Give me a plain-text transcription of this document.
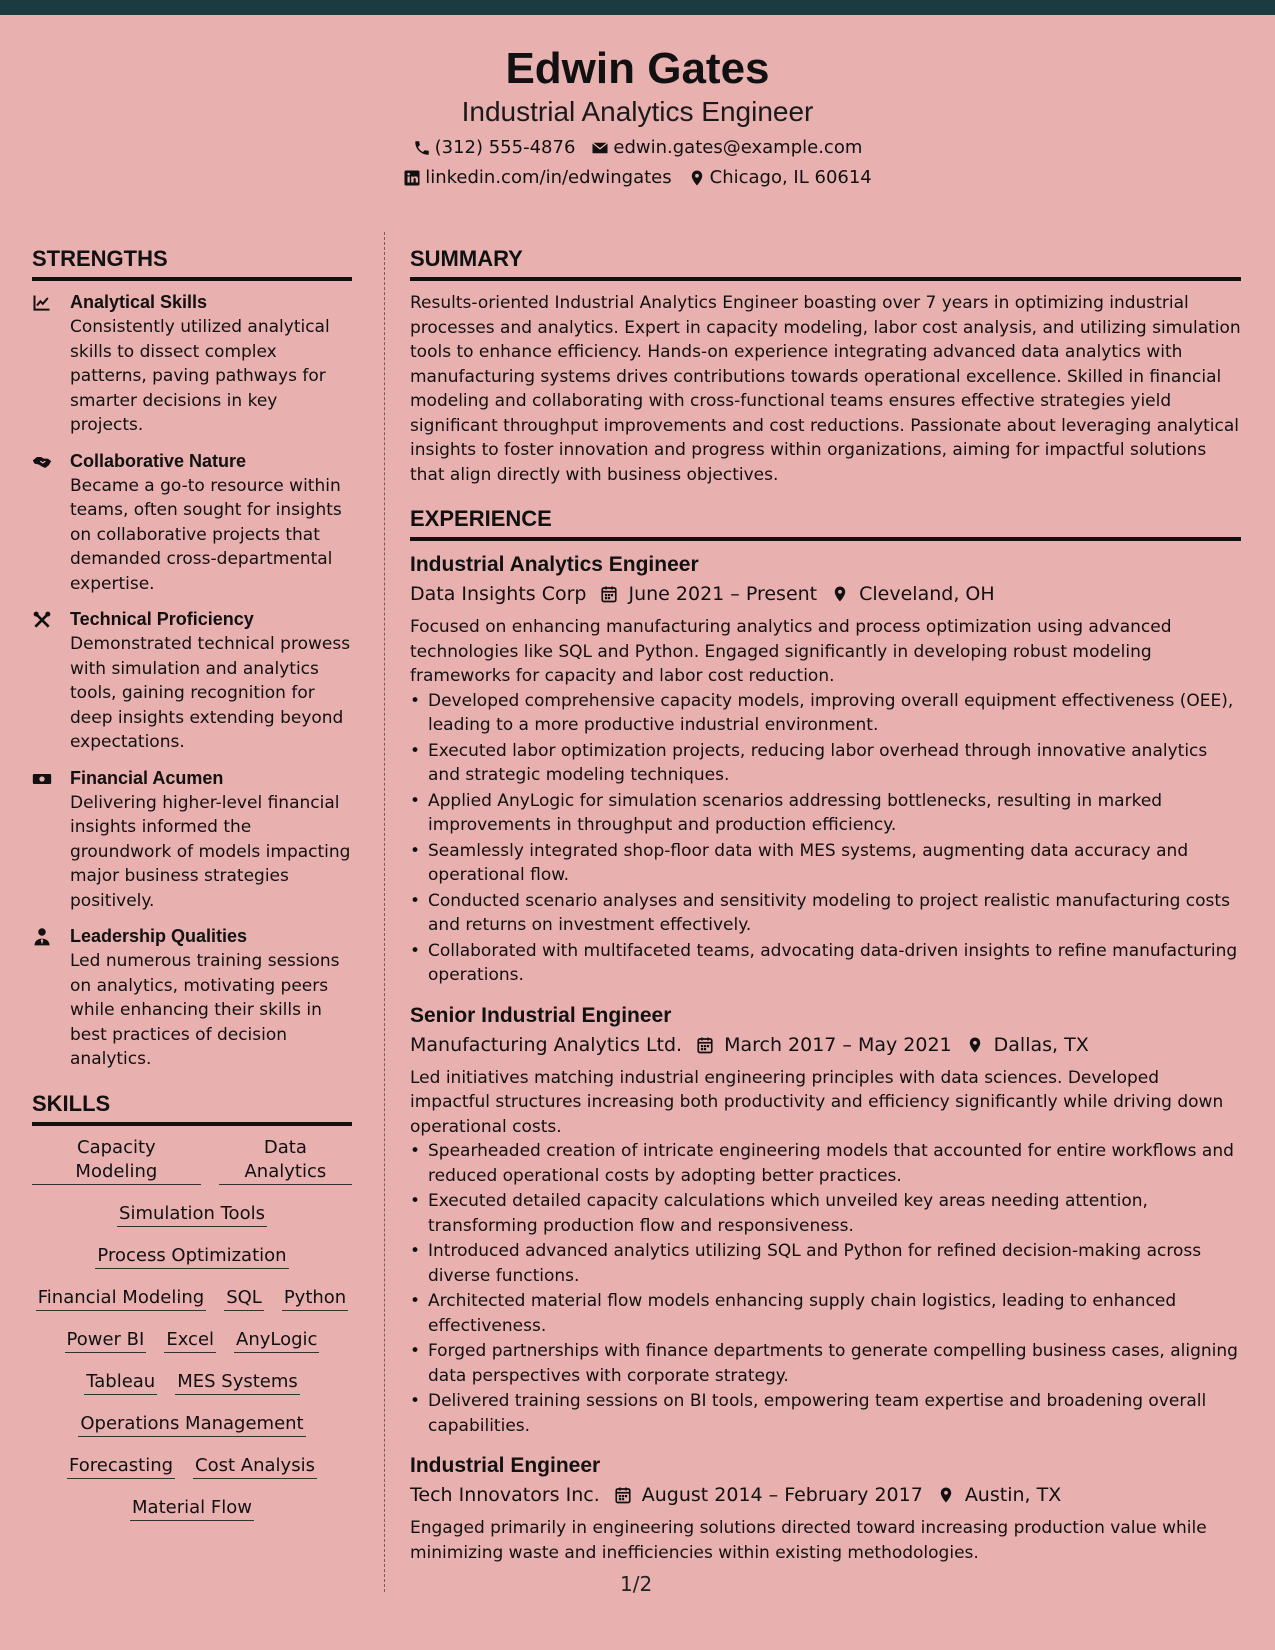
Edwin Gates
Industrial Analytics Engineer
(312) 555-4876 edwin.gates@example.com
linkedin.com/in/edwingates Chicago, IL 60614
STRENGTHS
Analytical Skills
Consistently utilized analytical skills to dissect complex patterns, paving pathways for smarter decisions in key projects.
Collaborative Nature
Became a go-to resource within teams, often sought for insights on collaborative projects that demanded cross-departmental expertise.
Technical Proficiency
Demonstrated technical prowess with simulation and analytics tools, gaining recognition for deep insights extending beyond expectations.
Financial Acumen
Delivering higher-level financial insights informed the groundwork of models impacting major business strategies positively.
Leadership Qualities
Led numerous training sessions on analytics, motivating peers while enhancing their skills in best practices of decision analytics.
SKILLS
Capacity Modeling
Data Analytics
Simulation Tools
Process Optimization
Financial Modeling SQL Python
Power BI Excel AnyLogic
Tableau MES Systems
Operations Management
Forecasting Cost Analysis
Material Flow
SUMMARY
Results-oriented Industrial Analytics Engineer boasting over 7 years in optimizing industrial processes and analytics. Expert in capacity modeling, labor cost analysis, and utilizing simulation tools to enhance efficiency. Hands-on experience integrating advanced data analytics with manufacturing systems drives contributions towards operational excellence. Skilled in financial modeling and collaborating with cross-functional teams ensures effective strategies yield significant throughput improvements and cost reductions. Passionate about leveraging analytical insights to foster innovation and progress within organizations, aiming for impactful solutions that align directly with business objectives.
EXPERIENCE
Industrial Analytics Engineer
Data Insights Corp June 2021 – Present Cleveland, OH
Focused on enhancing manufacturing analytics and process optimization using advanced technologies like SQL and Python. Engaged significantly in developing robust modeling frameworks for capacity and labor cost reduction.
• Developed comprehensive capacity models, improving overall equipment effectiveness (OEE), leading to a more productive industrial environment.
• Executed labor optimization projects, reducing labor overhead through innovative analytics and strategic modeling techniques.
• Applied AnyLogic for simulation scenarios addressing bottlenecks, resulting in marked improvements in throughput and production efficiency.
• Seamlessly integrated shop-floor data with MES systems, augmenting data accuracy and operational flow.
• Conducted scenario analyses and sensitivity modeling to project realistic manufacturing costs and returns on investment effectively.
• Collaborated with multifaceted teams, advocating data-driven insights to refine manufacturing operations.
Senior Industrial Engineer
Manufacturing Analytics Ltd. March 2017 – May 2021 Dallas, TX
Led initiatives matching industrial engineering principles with data sciences. Developed impactful structures increasing both productivity and efficiency significantly while driving down operational costs.
• Spearheaded creation of intricate engineering models that accounted for entire workflows and reduced operational costs by adopting better practices.
• Executed detailed capacity calculations which unveiled key areas needing attention, transforming production flow and responsiveness.
• Introduced advanced analytics utilizing SQL and Python for refined decision-making across diverse functions.
• Architected material flow models enhancing supply chain logistics, leading to enhanced effectiveness.
• Forged partnerships with finance departments to generate compelling business cases, aligning data perspectives with corporate strategy.
• Delivered training sessions on BI tools, empowering team expertise and broadening overall capabilities.
Industrial Engineer
Tech Innovators Inc. August 2014 – February 2017 Austin, TX
Engaged primarily in engineering solutions directed toward increasing production value while minimizing waste and inefficiencies within existing methodologies.
1/2
